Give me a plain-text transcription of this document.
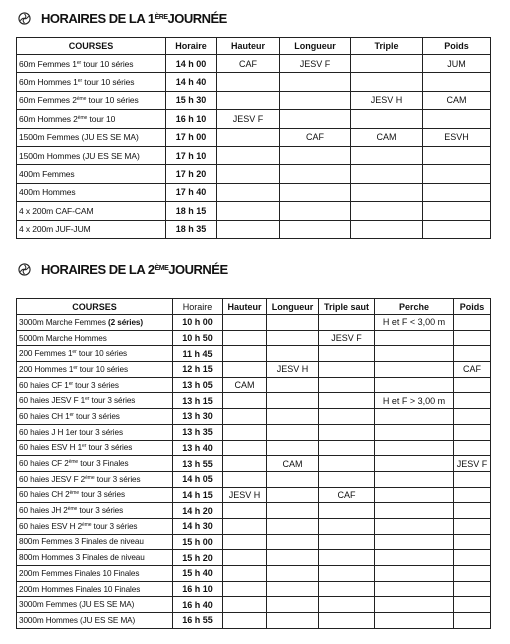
HORAIRES DE LA 1ÈRE JOURNÉE
COURSES	Horaire	Hauteur	Longueur	Triple	Poids
60m Femmes 1er tour 10 séries	14 h 00	CAF	JESV F		JUM
60m Hommes 1er tour 10 séries	14 h 40				
60m Femmes 2ème tour 10 séries	15 h 30			JESV H	CAM
60m Hommes 2ème tour 10	16 h 10	JESV F			
1500m Femmes (JU ES SE MA)	17 h 00		CAF	CAM	ESVH
1500m Hommes (JU ES SE MA)	17 h 10				
400m Femmes	17 h 20				
400m Hommes	17 h 40				
4 x 200m CAF-CAM	18 h 15				
4 x 200m JUF-JUM	18 h 35				
HORAIRES DE LA 2ÈME JOURNÉE
COURSES	Horaire	Hauteur	Longueur	Triple saut	Perche	Poids
3000m Marche Femmes (2 séries)	10 h 00				H et F < 3,00 m	
5000m Marche Hommes	10 h 50			JESV F		
200 Femmes 1er tour 10 séries	11 h 45					
200 Hommes 1er tour 10 séries	12 h 15		JESV H			CAF
60 haies CF 1er tour 3 séries	13 h 05	CAM				
60 haies JESV F 1er tour 3 séries	13 h 15				H et F > 3,00 m	
60 haies CH 1er tour 3 séries	13 h 30					
60 haies J H 1er tour 3 séries	13 h 35					
60 haies ESV H 1er tour 3 séries	13 h 40					
60 haies CF 2ème tour 3 Finales	13 h 55		CAM			JESV F
60 haies JESV F 2ème tour 3 séries	14 h 05					
60 haies CH 2ème tour 3 séries	14 h 15	JESV H		CAF		
60 haies JH 2ème tour 3 séries	14 h 20					
60 haies ESV H 2ème tour 3 séries	14 h 30					
800m Femmes 3 Finales de niveau	15 h 00					
800m Hommes 3 Finales de niveau	15 h 20					
200m Femmes Finales 10 Finales	15 h 40					
200m Hommes Finales 10 Finales	16 h 10					
3000m Femmes (JU ES SE MA)	16 h 40					
3000m Hommes (JU ES SE MA)	16 h 55					
